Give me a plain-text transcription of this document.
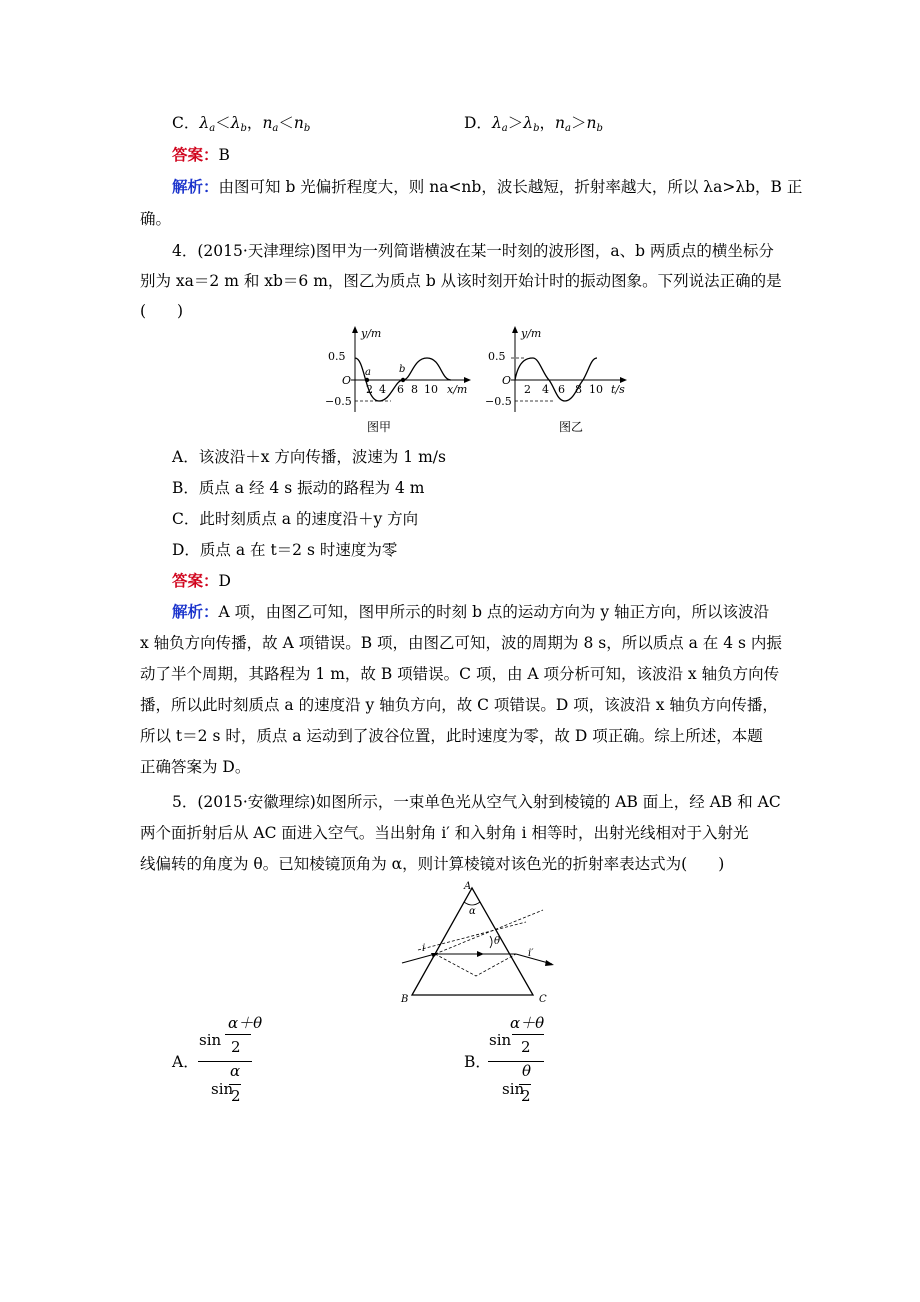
C．$\lambda_a<\lambda_b$，$n_a<n_b$	D．$\lambda_a>\lambda_b$，$n_a>n_b$
答案：B
解析：由图可知 b 光偏折程度大，则 na<nb，波长越短，折射率越大，所以 λa>λb，B 正
确。
4．(2015·天津理综)图甲为一列简谐横波在某一时刻的波形图，a、b 两质点的横坐标分
别为 xa＝2 m 和 xb＝6 m，图乙为质点 b 从该时刻开始计时的振动图象。下列说法正确的是
(　　)
y/m
0.5
O
−0.5
a	b
2 4 6 8 10 x/m
图甲
y/m
0.5
O
−0.5
2 4 6 8 10 t/s
图乙
A．该波沿＋x 方向传播，波速为 1 m/s
B．质点 a 经 4 s 振动的路程为 4 m
C．此时刻质点 a 的速度沿＋y 方向
D．质点 a 在 t＝2 s 时速度为零
答案：D
解析：A 项，由图乙可知，图甲所示的时刻 b 点的运动方向为 y 轴正方向，所以该波沿
x 轴负方向传播，故 A 项错误。B 项，由图乙可知，波的周期为 8 s，所以质点 a 在 4 s 内振
动了半个周期，其路程为 1 m，故 B 项错误。C 项，由 A 项分析可知，该波沿 x 轴负方向传
播，所以此时刻质点 a 的速度沿 y 轴负方向，故 C 项错误。D 项，该波沿 x 轴负方向传播，
所以 t＝2 s 时，质点 a 运动到了波谷位置，此时速度为零，故 D 项正确。综上所述，本题
正确答案为 D。
5．(2015·安徽理综)如图所示，一束单色光从空气入射到棱镜的 AB 面上，经 AB 和 AC
两个面折射后从 AC 面进入空气。当出射角 i′ 和入射角 i 相等时，出射光线相对于入射光
线偏转的角度为 θ。已知棱镜顶角为 α，则计算棱镜对该色光的折射率表达式为(　　)
A
B	C
α
θ
i	i′
A．
α＋θ
sin 2
α
sin
2
B．
α＋θ
sin 2
θ
sin
2
